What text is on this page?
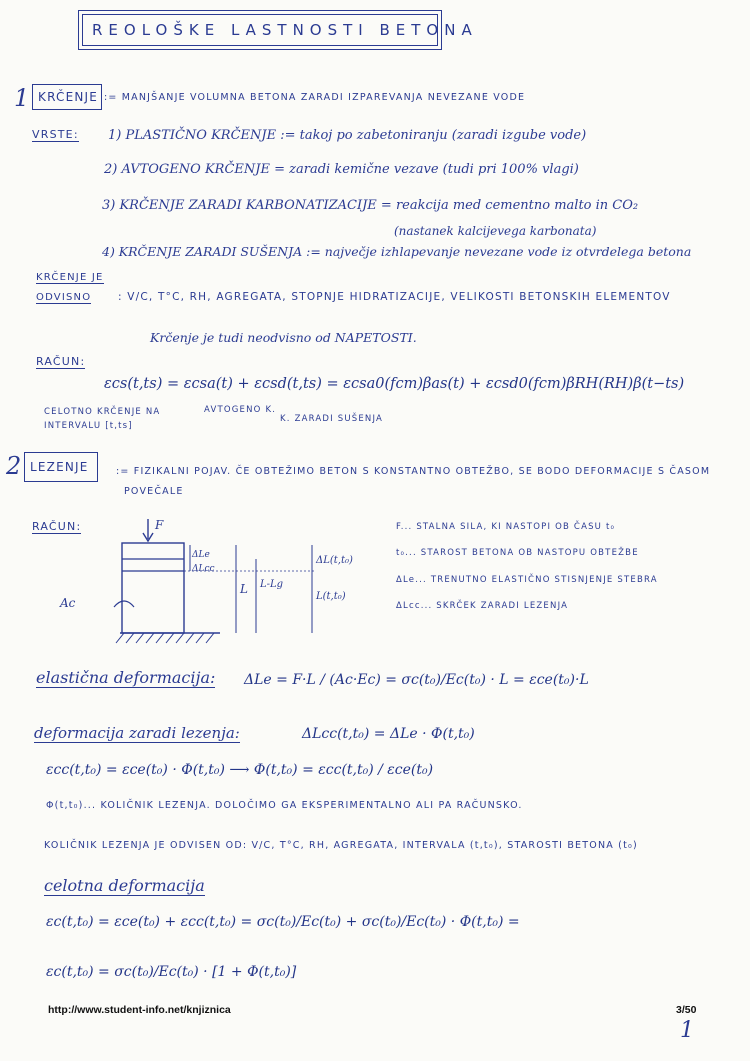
REOLOŠKE LASTNOSTI BETONA
1 KRČENJE := MANJŠANJE VOLUMNA BETONA ZARADI IZPAREVANJA NEVEZANE VODE
VRSTE: 1) PLASTIČNO KRČENJE := takoj po zabetoniranju (zaradi izgube vode)
2) AVTOGENO KRČENJE = zaradi kemične vezave (tudi pri 100% vlagi)
3) KRČENJE ZARADI KARBONATIZACIJE = reakcija med cementno malto in CO₂
(nastanek kalcijevega karbonata)
4) KRČENJE ZARADI SUŠENJA := največje izhlapevanje nevezane vode iz otvrdelega betona
KRČENJE JE
ODVISNO	: V/C, T°C, RH, AGREGATA, STOPNJE HIDRATIZACIJE, VELIKOSTI BETONSKIH ELEMENTOV
Krčenje je tudi neodvisno od NAPETOSTI.
RAČUN:
εcs(t,ts) = εcsa(t) + εcsd(t,ts) = εcsa0(fcm)βas(t) + εcsd0(fcm)βRH(RH)β(t−ts)
CELOTNO KRČENJE NA INTERVALU [t,ts]
AVTOGENO K.
K. ZARADI SUŠENJA
2 LEZENJE	:= FIZIKALNI POJAV. ČE OBTEŽIMO BETON S KONSTANTNO OBTEŽBO, SE BODO DEFORMACIJE S ČASOM
POVEČALE
RAČUN:	F
Ac
ΔLe
ΔLcc
L L-Lg
ΔL(t,t₀)
L(t,t₀)
F... STALNA SILA, KI NASTOPI OB ČASU t₀
t₀... STAROST BETONA OB NASTOPU OBTEŽBE
ΔLe... TRENUTNO ELASTIČNO STISNJENJE STEBRA
ΔLcc... SKRČEK ZARADI LEZENJA
elastična deformacija: ΔLe = F·L / (Ac·Ec) = σc(t₀)/Ec(t₀) · L = εce(t₀)·L
deformacija zaradi lezenja:	ΔLcc(t,t₀) = ΔLe · Φ(t,t₀)
εcc(t,t₀) = εce(t₀) · Φ(t,t₀) ⟶ Φ(t,t₀) = εcc(t,t₀) / εce(t₀)
Φ(t,t₀)... KOLIČNIK LEZENJA. DOLOČIMO GA EKSPERIMENTALNO ALI PA RAČUNSKO.
KOLIČNIK LEZENJA JE ODVISEN OD: V/C, T°C, RH, AGREGATA, INTERVALA (t,t₀), STAROSTI BETONA (t₀)
celotna deformacija
εc(t,t₀) = εce(t₀) + εcc(t,t₀) = σc(t₀)/Ec(t₀) + σc(t₀)/Ec(t₀) · Φ(t,t₀) =
εc(t,t₀) = σc(t₀)/Ec(t₀) · [1 + Φ(t,t₀)]
http://www.student-info.net/knjiznica	3/50
1
